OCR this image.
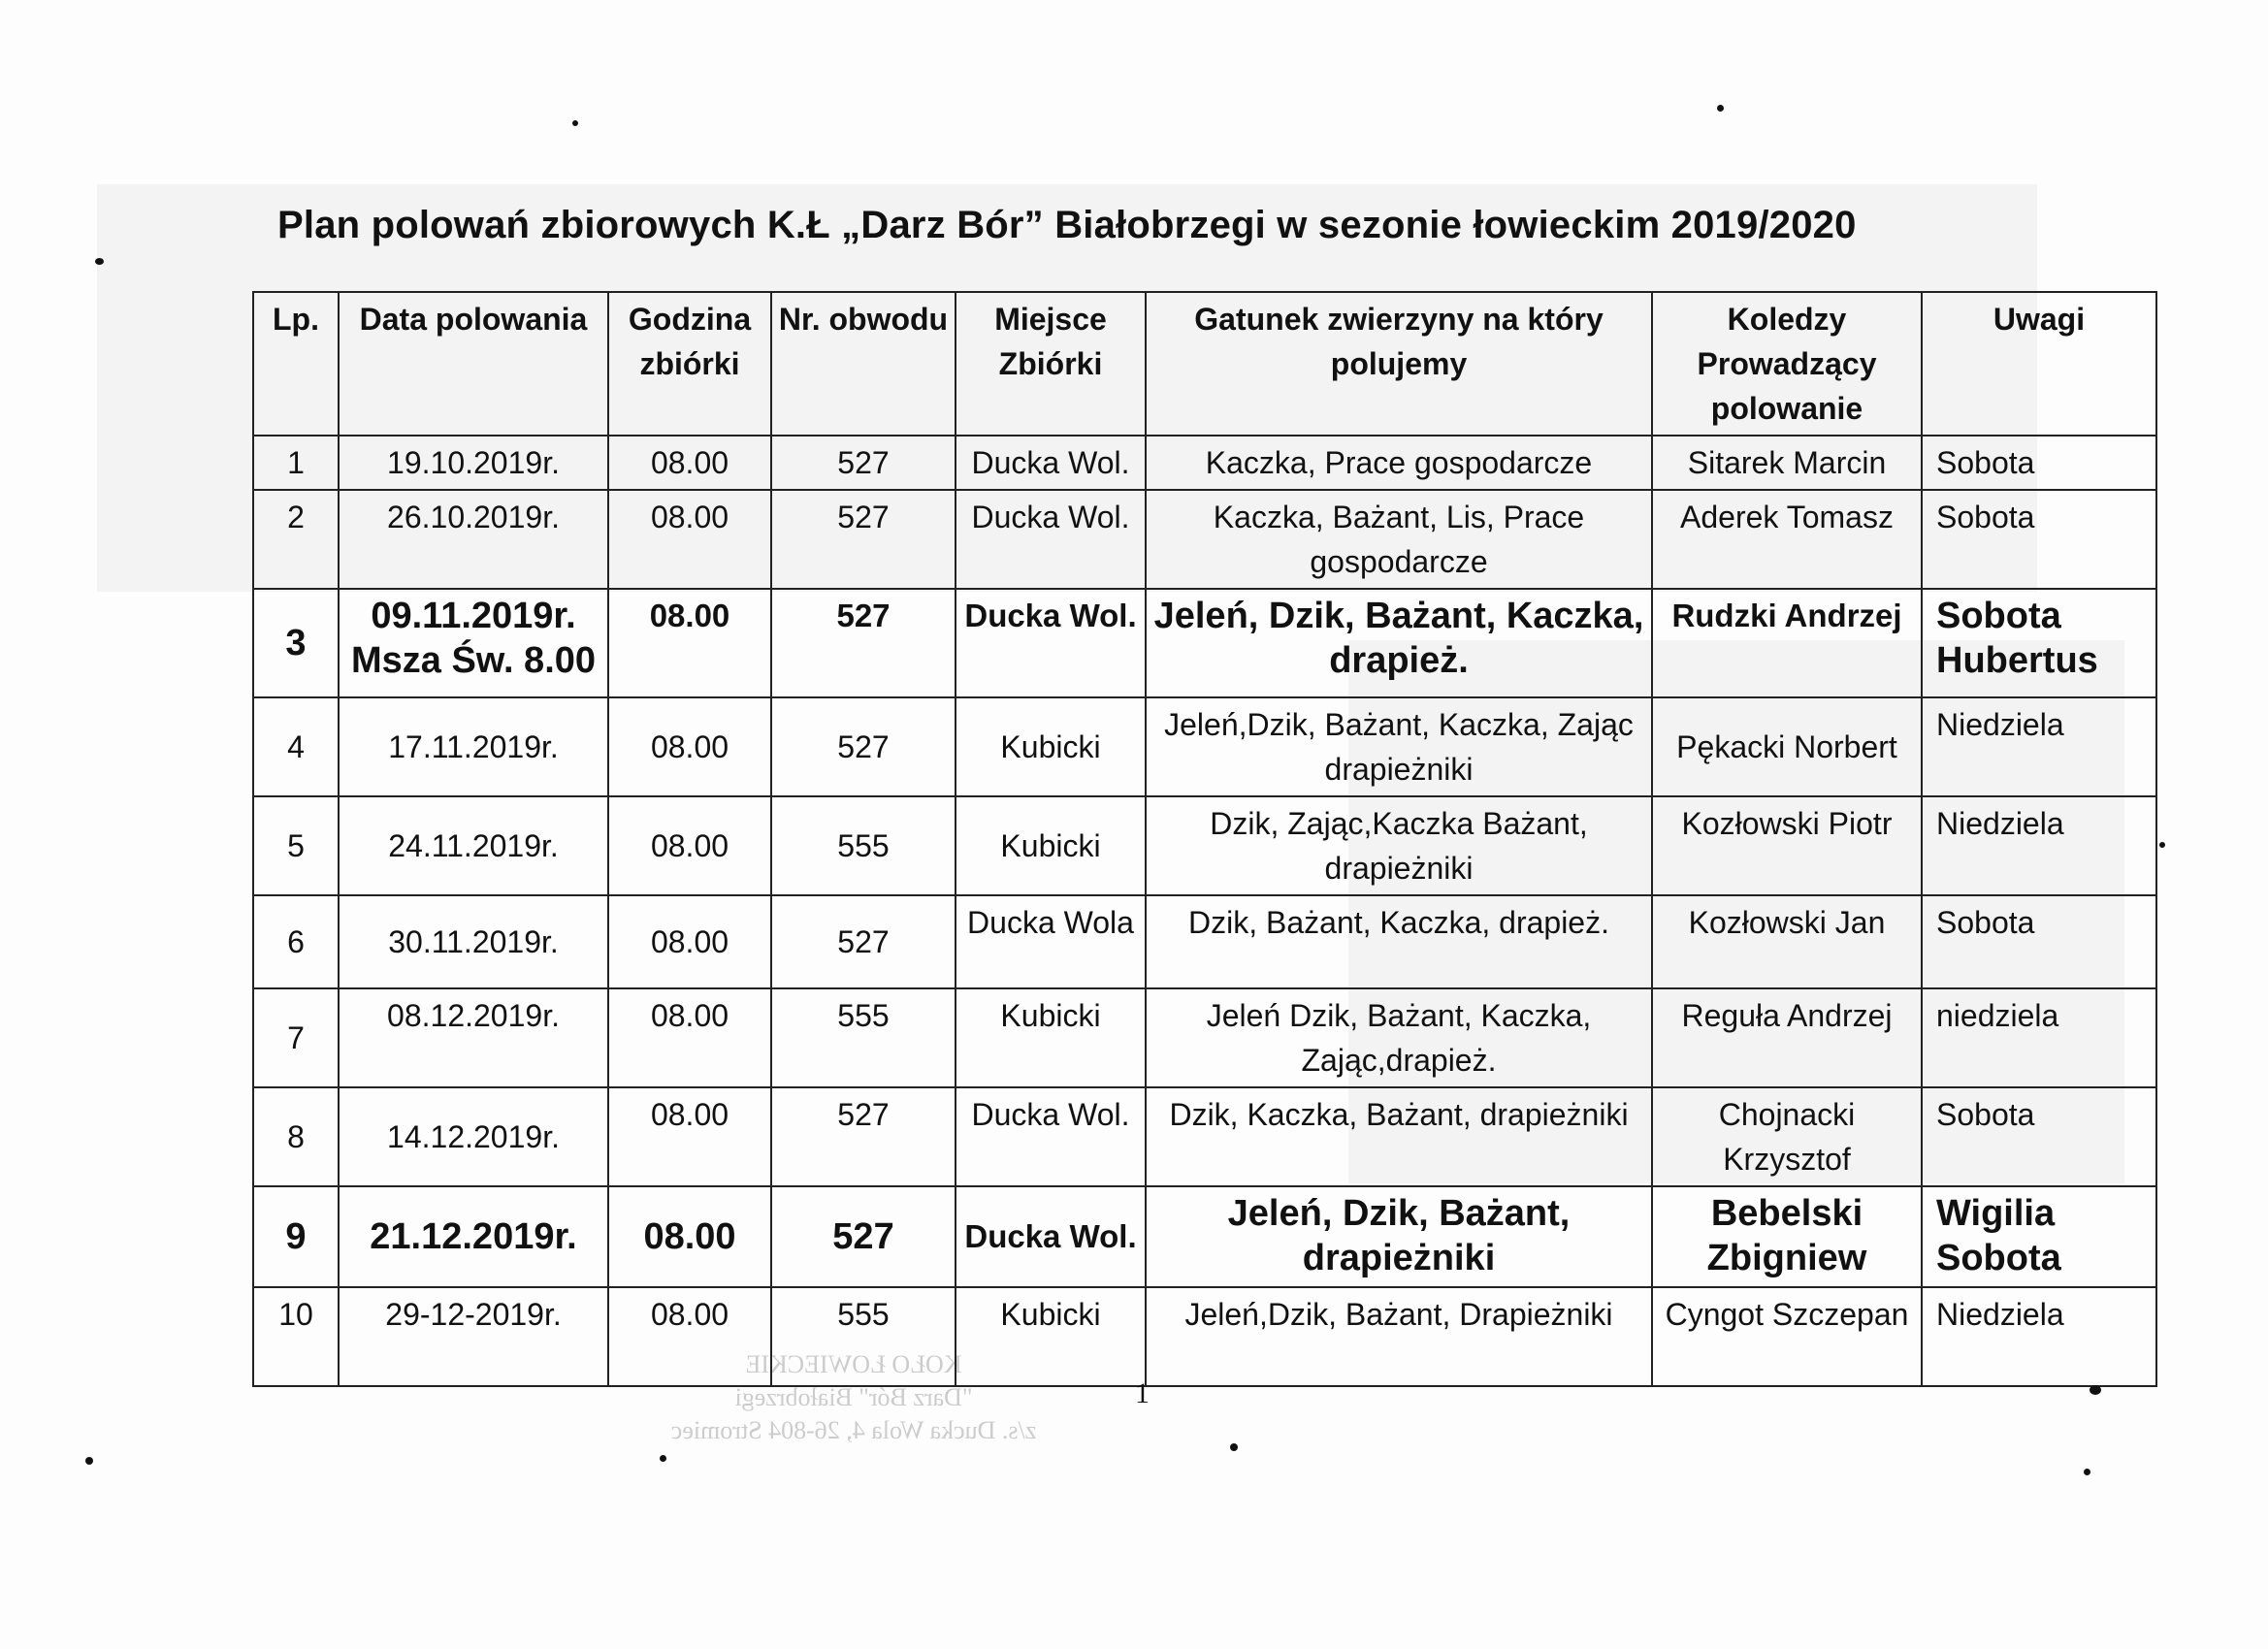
Plan polowań zbiorowych K.Ł „Darz Bór” Białobrzegi w sezonie łowieckim 2019/2020
Lp.	Data polowania	Godzina zbiórki	Nr. obwodu	Miejsce Zbiórki	Gatunek zwierzyny na który polujemy	Koledzy Prowadzący polowanie	Uwagi
1	19.10.2019r.	08.00	527	Ducka Wol.	Kaczka, Prace gospodarcze	Sitarek Marcin	Sobota
2	26.10.2019r.	08.00	527	Ducka Wol.	Kaczka, Bażant, Lis, Prace gospodarcze	Aderek Tomasz	Sobota
3	09.11.2019r. Msza Św. 8.00	08.00	527	Ducka Wol.	Jeleń, Dzik, Bażant, Kaczka, drapież.	Rudzki Andrzej	Sobota Hubertus
4	17.11.2019r.	08.00	527	Kubicki	Jeleń,Dzik, Bażant, Kaczka, Zając drapieżniki	Pękacki Norbert	Niedziela
5	24.11.2019r.	08.00	555	Kubicki	Dzik, Zając,Kaczka Bażant, drapieżniki	Kozłowski Piotr	Niedziela
6	30.11.2019r.	08.00	527	Ducka Wola	Dzik, Bażant, Kaczka, drapież.	Kozłowski Jan	Sobota
7	08.12.2019r.	08.00	555	Kubicki	Jeleń Dzik, Bażant, Kaczka, Zając,drapież.	Reguła Andrzej	niedziela
8	14.12.2019r.	08.00	527	Ducka Wol.	Dzik, Kaczka, Bażant, drapieżniki	Chojnacki Krzysztof	Sobota
9	21.12.2019r.	08.00	527	Ducka Wol.	Jeleń, Dzik, Bażant, drapieżniki	Bebelski Zbigniew	Wigilia Sobota
10	29-12-2019r.	08.00	555	Kubicki	Jeleń,Dzik, Bażant, Drapieżniki	Cyngot Szczepan	Niedziela
KOŁO ŁOWIECKIE
"Darz Bór" Białobrzegi
z/s. Ducka Wola 4, 26-804 Stromiec
1
